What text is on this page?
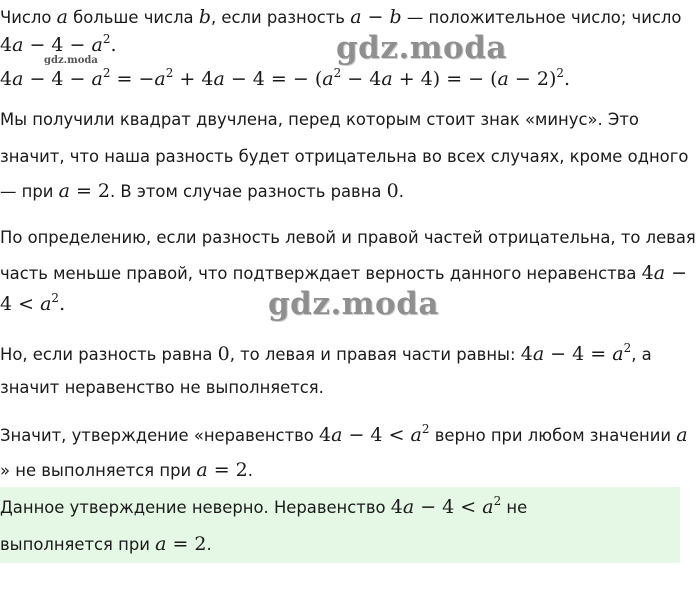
Число a больше числа b, если разность a − b — положительное число; число
$4a - 4 - a^2$.
gdz.moda	gdz.moda
$4a - 4 - a^2 = -a^2 + 4a - 4$ = − $(a^2 - 4a + 4)$ = − $(a - 2)^2$.
Мы получили квадрат двучлена, перед которым стоит знак «минус». Это
значит, что наша разность будет отрицательна во всех случаях, кроме одного
— при a = 2. В этом случае разность равна 0.
По определению, если разность левой и правой частей отрицательна, то левая
часть меньше правой, что подтверждает верность данного неравенства 4a −
$4 < a^2$.	gdz.moda
Но, если разность равна 0, то левая и правая части равны: $4a - 4 = a^2$, а
значит неравенство не выполняется.
Значит, утверждение «неравенство $4a - 4 < a^2$ верно при любом значении a
» не выполняется при a = 2.
Данное утверждение неверно. Неравенство $4a - 4 < a^2$ не
выполняется при a = 2.
